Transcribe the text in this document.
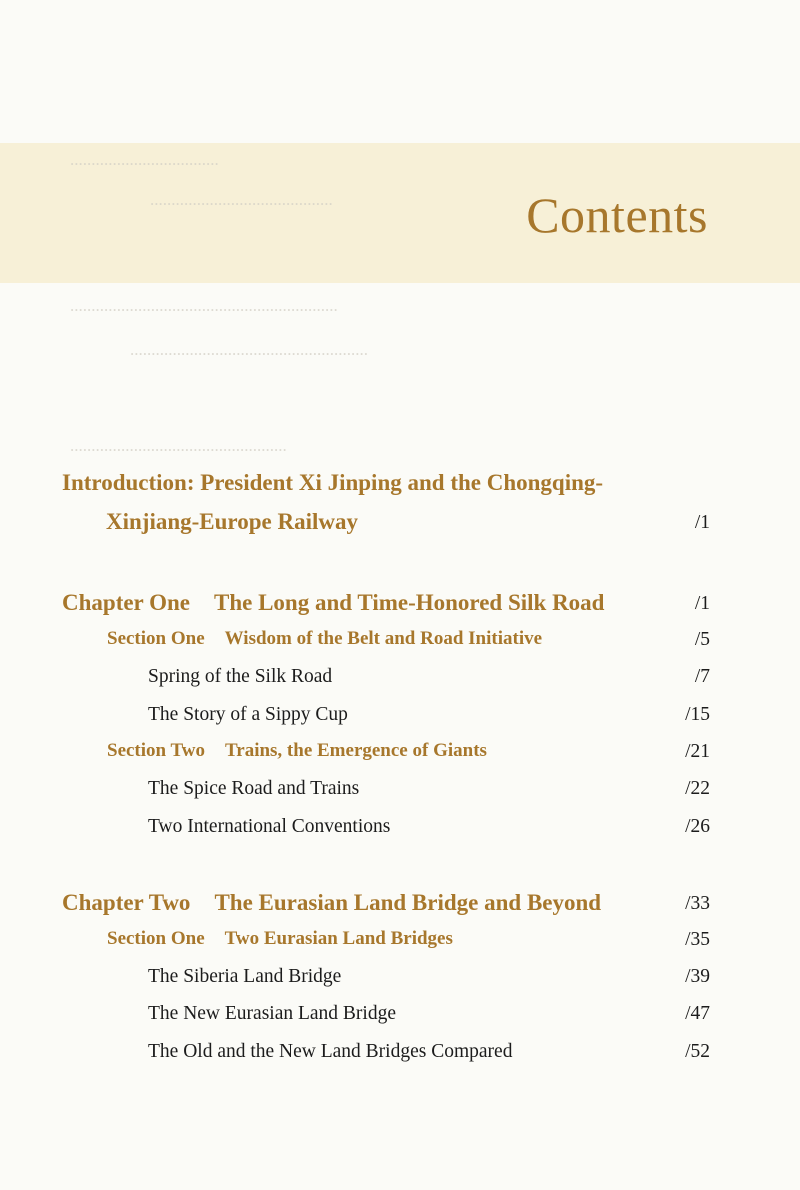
...................................
...........................................
...............................................................
........................................................
...................................................
Contents
Introduction: President Xi Jinping and the Chongqing-
Xinjiang-Europe Railway	/1
Chapter One The Long and Time-Honored Silk Road	/1
Section One Wisdom of the Belt and Road Initiative	/5
Spring of the Silk Road	/7
The Story of a Sippy Cup	/15
Section Two Trains, the Emergence of Giants	/21
The Spice Road and Trains	/22
Two International Conventions	/26
Chapter Two The Eurasian Land Bridge and Beyond	/33
Section One Two Eurasian Land Bridges	/35
The Siberia Land Bridge	/39
The New Eurasian Land Bridge	/47
The Old and the New Land Bridges Compared	/52
